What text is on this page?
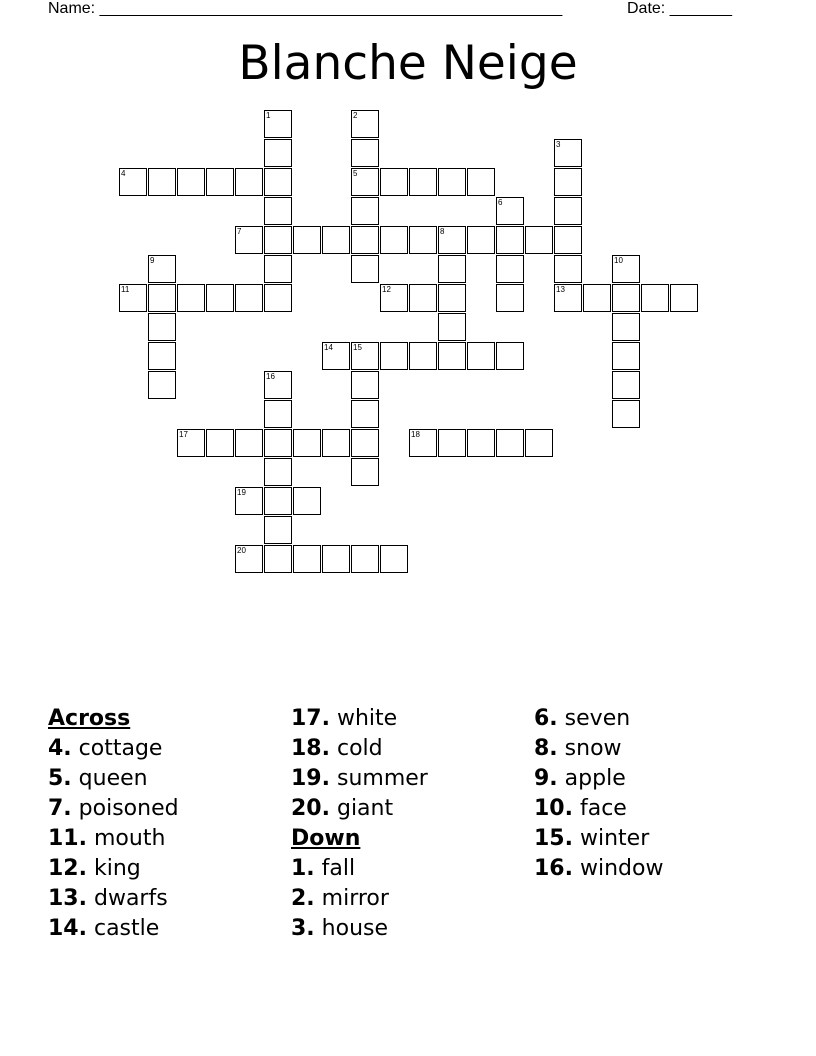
Name: ____________________________________________________	Date: _______
Blanche Neige
1	2
3
4	5
6
7	8
9	10
11	12	13
14	15
16
17	18
19
20
Across
4. cottage
5. queen
7. poisoned
11. mouth
12. king
13. dwarfs
14. castle
17. white
18. cold
19. summer
20. giant
Down
1. fall
2. mirror
3. house
6. seven
8. snow
9. apple
10. face
15. winter
16. window
